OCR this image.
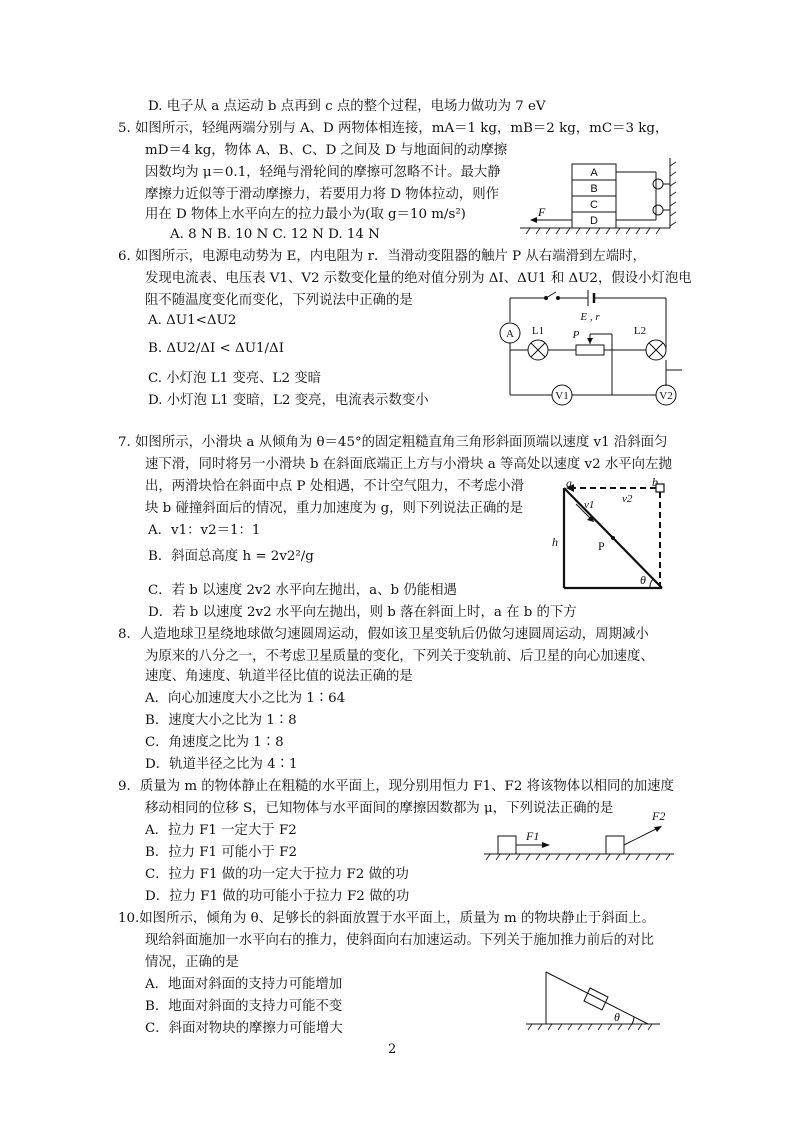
D. 电子从 a 点运动 b 点再到 c 点的整个过程，电场力做功为 7 eV
5. 如图所示，轻绳两端分别与 A、D 两物体相连接，mA＝1 kg，mB＝2 kg，mC＝3 kg，
mD＝4 kg，物体 A、B、C、D 之间及 D 与地面间的动摩擦
因数均为 μ＝0.1，轻绳与滑轮间的摩擦可忽略不计。最大静
摩擦力近似等于滑动摩擦力，若要用力将 D 物体拉动，则作
用在 D 物体上水平向左的拉力最小为(取 g＝10 m/s²)
A. 8 N B. 10 N C. 12 N D. 14 N
6. 如图所示，电源电动势为 E，内电阻为 r．当滑动变阻器的触片 P 从右端滑到左端时，
发现电流表、电压表 V1、V2 示数变化量的绝对值分别为 ΔI、ΔU1 和 ΔU2，假设小灯泡电
阻不随温度变化而变化，下列说法中正确的是
A. ΔU1<ΔU2
B. ΔU2/ΔI < ΔU1/ΔI
C. 小灯泡 L1 变亮、L2 变暗
D. 小灯泡 L1 变暗，L2 变亮，电流表示数变小
7. 如图所示，小滑块 a 从倾角为 θ＝45°的固定粗糙直角三角形斜面顶端以速度 v1 沿斜面匀
速下滑，同时将另一小滑块 b 在斜面底端正上方与小滑块 a 等高处以速度 v2 水平向左抛
出，两滑块恰在斜面中点 P 处相遇，不计空气阻力，不考虑小滑
块 b 碰撞斜面后的情况，重力加速度为 g，则下列说法正确的是
A．v1：v2＝1：1
B．斜面总高度 h = 2v2²/g
C．若 b 以速度 2v2 水平向左抛出，a、b 仍能相遇
D．若 b 以速度 2v2 水平向左抛出，则 b 落在斜面上时，a 在 b 的下方
8．人造地球卫星绕地球做匀速圆周运动，假如该卫星变轨后仍做匀速圆周运动，周期减小
为原来的八分之一，不考虑卫星质量的变化，下列关于变轨前、后卫星的向心加速度、
速度、角速度、轨道半径比值的说法正确的是
A．向心加速度大小之比为 1∶64
B．速度大小之比为 1∶8
C．角速度之比为 1∶8
D．轨道半径之比为 4∶1
9．质量为 m 的物体静止在粗糙的水平面上，现分别用恒力 F1、F2 将该物体以相同的加速度
移动相同的位移 S，已知物体与水平面间的摩擦因数都为 μ，下列说法正确的是
A．拉力 F1 一定大于 F2
B．拉力 F1 可能小于 F2
C．拉力 F1 做的功一定大于拉力 F2 做的功
D．拉力 F1 做的功可能小于拉力 F2 做的功
10.如图所示，倾角为 θ、足够长的斜面放置于水平面上，质量为 m 的物块静止于斜面上。
现给斜面施加一水平向右的推力，使斜面向右加速运动。下列关于施加推力前后的对比
情况，正确的是
A．地面对斜面的支持力可能增加
B．地面对斜面的支持力可能不变
C．斜面对物块的摩擦力可能增大
A
B
C
D
F
E , r
A L1	L2
P
V1	V2
a	b
v1	v2
h	P
θ
F1
F2
θ
2
